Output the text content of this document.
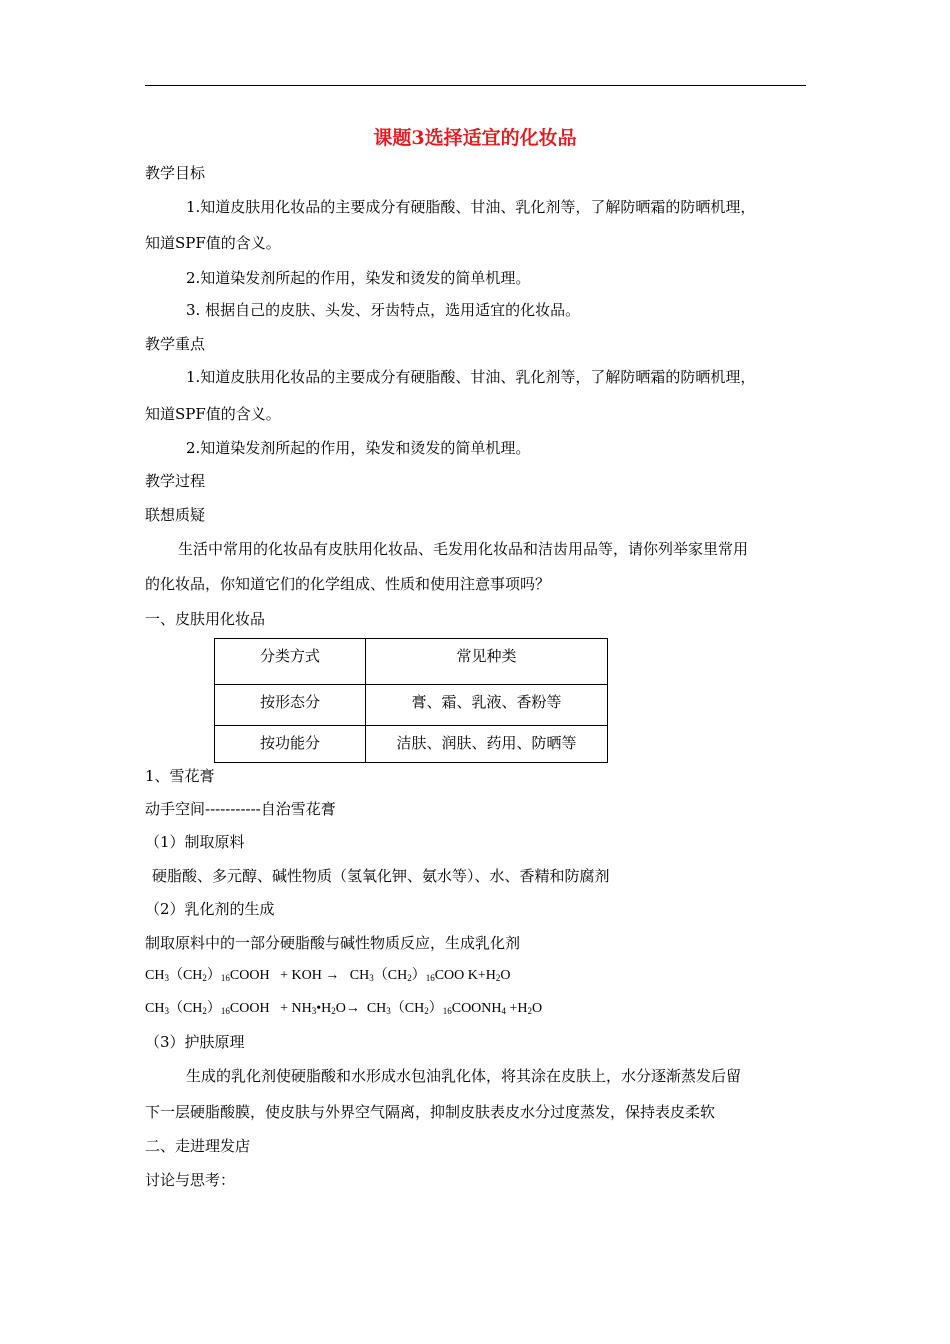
课题3选择适宜的化妆品
教学目标
1.知道皮肤用化妆品的主要成分有硬脂酸、甘油、乳化剂等，了解防晒霜的防晒机理，
知道SPF值的含义。
2.知道染发剂所起的作用，染发和烫发的简单机理。
3. 根据自己的皮肤、头发、牙齿特点，选用适宜的化妆品。
教学重点
1.知道皮肤用化妆品的主要成分有硬脂酸、甘油、乳化剂等，了解防晒霜的防晒机理，
知道SPF值的含义。
2.知道染发剂所起的作用，染发和烫发的简单机理。
教学过程
联想质疑
生活中常用的化妆品有皮肤用化妆品、毛发用化妆品和洁齿用品等，请你列举家里常用
的化妆品，你知道它们的化学组成、性质和使用注意事项吗？
一、皮肤用化妆品
分类方式	常见种类
按形态分	膏、霜、乳液、香粉等
按功能分	洁肤、润肤、药用、防晒等
1、雪花膏
动手空间-----------自治雪花膏
（1）制取原料
硬脂酸、多元醇、碱性物质（氢氧化钾、氨水等）、水、香精和防腐剂
（2）乳化剂的生成
制取原料中的一部分硬脂酸与碱性物质反应，生成乳化剂
$CH_3(CH_2)_{16}COOH$   + KOH →   $CH_3(CH_2)_{16}COO$ $K+H_2O$
$CH_3(CH_2)_{16}COOH$   + $NH_3•H_2O\to$  $CH_3(CH_2)_{16}COONH_4 +H_2O$
（3）护肤原理
生成的乳化剂使硬脂酸和水形成水包油乳化体，将其涂在皮肤上，水分逐渐蒸发后留
下一层硬脂酸膜，使皮肤与外界空气隔离，抑制皮肤表皮水分过度蒸发，保持表皮柔软
二、走进理发店
讨论与思考：
